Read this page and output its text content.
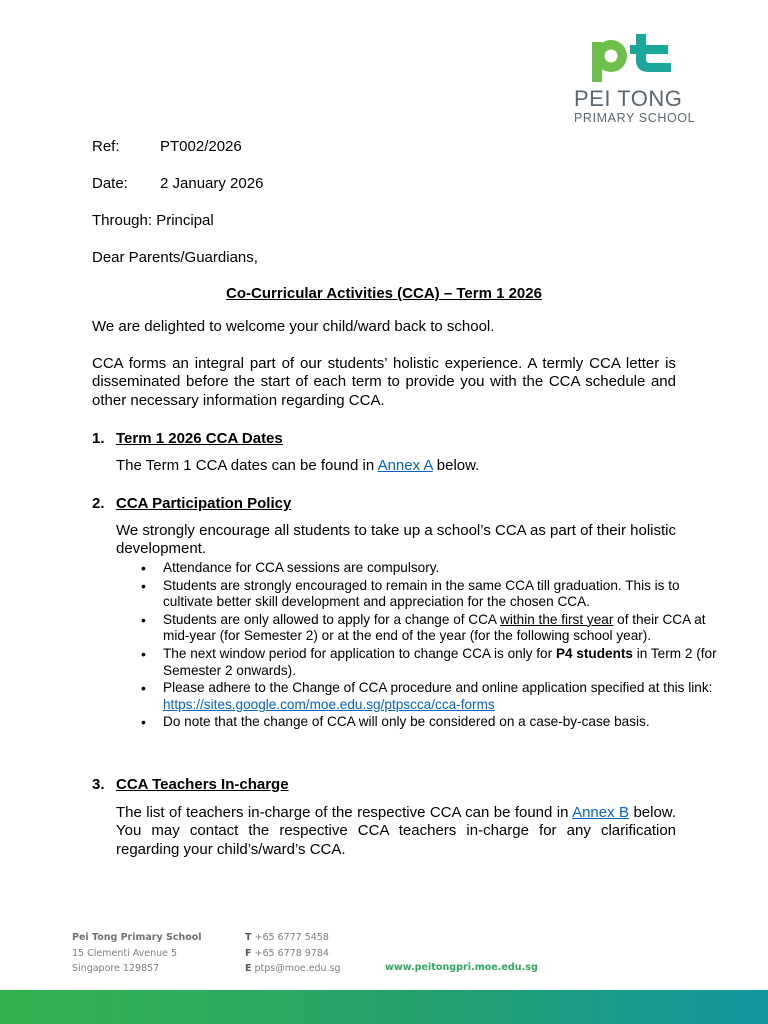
PEI TONG
PRIMARY SCHOOL
Ref:	PT002/2026
Date: 2 January 2026
Through: Principal
Dear Parents/Guardians,
Co-Curricular Activities (CCA) – Term 1 2026
We are delighted to welcome your child/ward back to school.
CCA forms an integral part of our students’ holistic experience. A termly CCA letter is disseminated before the start of each term to provide you with the CCA schedule and other necessary information regarding CCA.
1. Term 1 2026 CCA Dates
The Term 1 CCA dates can be found in Annex A below.
2. CCA Participation Policy
We strongly encourage all students to take up a school’s CCA as part of their holistic development.
• Attendance for CCA sessions are compulsory.
• Students are strongly encouraged to remain in the same CCA till graduation. This is to cultivate better skill development and appreciation for the chosen CCA.
• Students are only allowed to apply for a change of CCA within the first year of their CCA at mid-year (for Semester 2) or at the end of the year (for the following school year).
• The next window period for application to change CCA is only for P4 students in Term 2 (for Semester 2 onwards).
• Please adhere to the Change of CCA procedure and online application specified at this link: https://sites.google.com/moe.edu.sg/ptpscca/cca-forms
• Do note that the change of CCA will only be considered on a case-by-case basis.
3. CCA Teachers In-charge
The list of teachers in-charge of the respective CCA can be found in Annex B below. You may contact the respective CCA teachers in-charge for any clarification regarding your child’s/ward’s CCA.
Pei Tong Primary School
15 Clementi Avenue 5
Singapore 129857
T +65 6777 5458
F +65 6778 9784
E ptps@moe.edu.sg	www.peitongpri.moe.edu.sg
